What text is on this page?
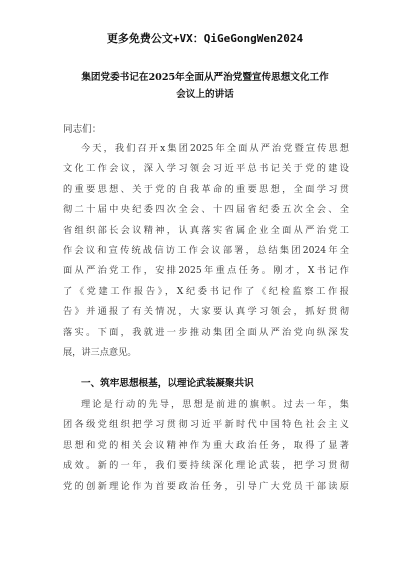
更多免费公文+VX：QiGeGongWen2024
集团党委书记在2025年全面从严治党暨宣传思想文化工作
会议上的讲话
同志们：
今天，我们召开x集团2025年全面从严治党暨宣传思想
文化工作会议，深入学习领会习近平总书记关于党的建设
的重要思想、关于党的自我革命的重要思想，全面学习贯
彻二十届中央纪委四次全会、十四届省纪委五次全会、全
省组织部长会议精神，认真落实省属企业全面从严治党工
作会议和宣传统战信访工作会议部署，总结集团2024年全
面从严治党工作，安排2025年重点任务。刚才，X书记作
了《党建工作报告》，X纪委书记作了《纪检监察工作报
告》并通报了有关情况，大家要认真学习领会，抓好贯彻
落实。下面，我就进一步推动集团全面从严治党向纵深发
展，讲三点意见。
一、筑牢思想根基，以理论武装凝聚共识
理论是行动的先导，思想是前进的旗帜。过去一年，集
团各级党组织把学习贯彻习近平新时代中国特色社会主义
思想和党的相关会议精神作为重大政治任务，取得了显著
成效。新的一年，我们要持续深化理论武装，把学习贯彻
党的创新理论作为首要政治任务，引导广大党员干部读原
